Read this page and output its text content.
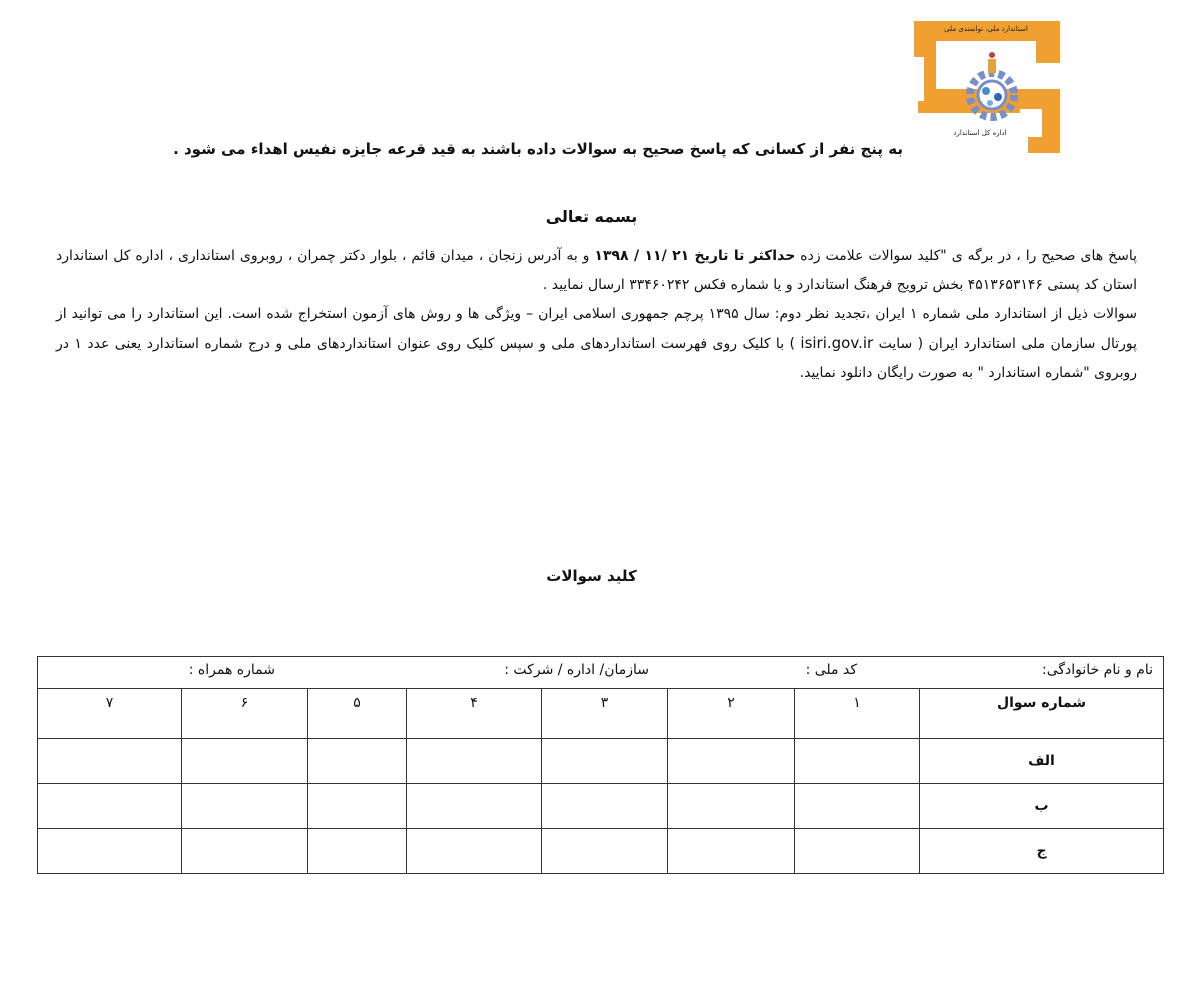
استاندارد ملی، توانمندی ملی
اداره کل استاندارد
به پنج نفر از کسانی که پاسخ صحیح به سوالات داده باشند به قید قرعه جایزه نفیس اهداء می شود .
بسمه تعالی

پاسخ های صحیح را ، در برگه ی "کلید سوالات علامت زده حداکثر تا تاریخ ۲۱ /۱۱ / ۱۳۹۸ و به آدرس زنجان ، میدان قائم ، بلوار دکتر چمران ، روبروی استانداری ، اداره کل استاندارد استان کد پستی ۴۵۱۳۶۵۳۱۴۶ بخش ترویج فرهنگ استاندارد و یا شماره فکس ۳۳۴۶۰۲۴۲ ارسال نمایید .

سوالات ذیل از استاندارد ملی شماره ۱ ایران ،تجدید نظر دوم: سال ۱۳۹۵ پرچم جمهوری اسلامی ایران – ویژگی ها و روش های آزمون استخراج شده است. این استاندارد را می توانید از پورتال سازمان ملی استاندارد ایران ( سایت isiri.gov.ir ) با کلیک روی فهرست استانداردهای ملی و سپس کلیک روی عنوان استانداردهای ملی و درج شماره استاندارد یعنی عدد ۱ در روبروی "شماره استاندارد " به صورت رایگان دانلود نمایید.

کلید سوالات
نام و نام خانوادگی:
کد ملی :
سازمان/ اداره / شرکت :
شماره همراه :							

۷	۶	۵	۴	۳	۲	۱	شماره سوال
							الف
							ب
							ج
